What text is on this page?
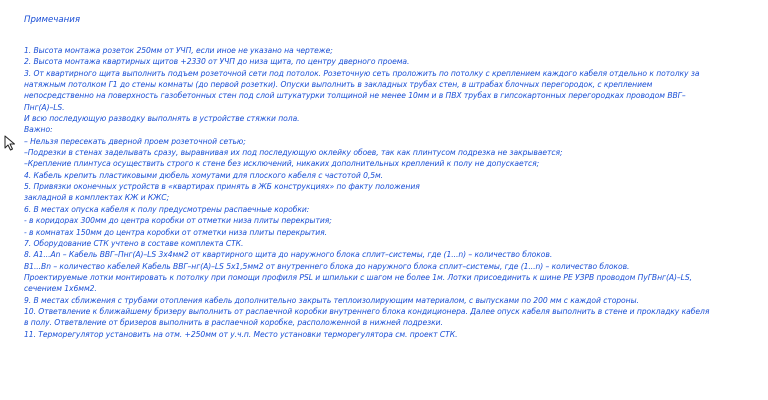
Примечания
1. Высота монтажа розеток 250мм от УЧП, если иное не указано на чертеже;
2. Высота монтажа квартирных щитов +2330 от УЧП до низа щита, по центру дверного проема.
3. От квартирного щита выполнить подъем розеточной сети под потолок. Розеточную сеть проложить по потолку с креплением каждого кабеля отдельно к потолку за
натяжным потолком Г1 до стены комнаты (до первой розетки). Опуски выполнить в закладных трубах стен, в штрабах блочных перегородок, с креплением
непосредственно на поверхность газобетонных стен под слой штукатурки толщиной не менее 10мм и в ПВХ трубах в гипсокартонных перегородках проводом ВВГ–
Пнг(А)–LS.
И всю последующую разводку выполнять в устройстве стяжки пола.
Важно:
– Нельзя пересекать дверной проем розеточной сетью;
–Подрезки в стенах заделывать сразу, выравнивая их под последующую оклейку обоев, так как плинтусом подрезка не закрывается;
–Крепление плинтуса осуществить строго к стене без исключений, никаких дополнительных креплений к полу не допускается;
4. Кабель крепить пластиковыми дюбель хомутами для плоского кабеля с частотой 0,5м.
5. Привязки оконечных устройств в «квартирах принять в ЖБ конструкциях» по факту положения
закладной в комплектах КЖ и КЖС;
6. В местах опуска кабеля к полу предусмотрены распаечные коробки:
- в коридорах 300мм до центра коробки от отметки низа плиты перекрытия;
- в комнатах 150мм до центра коробки от отметки низа плиты перекрытия.
7. Оборудование СТК учтено в составе комплекта СТК.
8. А1...Аn – Кабель ВВГ–Пнг(А)–LS 3х4мм2 от квартирного щита до наружного блока сплит–системы, где (1...n) – количество блоков.
В1...Вn – количество кабелей Кабель ВВГ–нг(А)–LS 5х1,5мм2 от внутреннего блока до наружного блока сплит–системы, где (1...n) – количество блоков.
Проектируемые лотки монтировать к потолку при помощи профиля PSL и шпильки с шагом не более 1м. Лотки присоединить к шине РЕ УЗРВ проводом ПуГВнг(А)–LS,
сечением 1х6мм2.
9. В местах сближения с трубами отопления кабель дополнительно закрыть теплоизолирующим материалом, с выпусками по 200 мм с каждой стороны.
10. Ответвление к ближайшему бризеру выполнить от распаечной коробки внутреннего блока кондиционера. Далее опуск кабеля выполнить в стене и прокладку кабеля
в полу. Ответвление от бризеров выполнить в распаечной коробке, расположенной в нижней подрезки.
11. Терморегулятор установить на отм. +250мм от у.ч.п. Место установки терморегулятора см. проект СТК.
